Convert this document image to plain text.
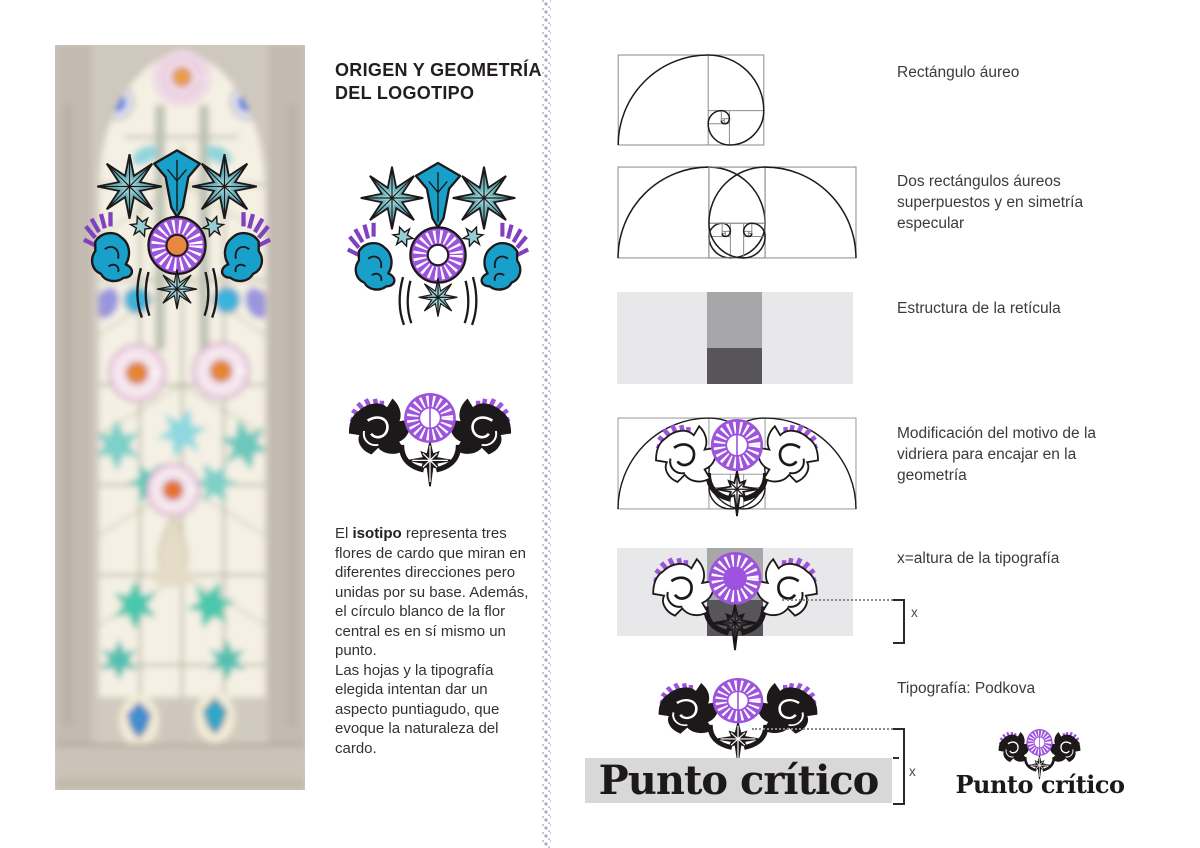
ORIGEN Y GEOMETRÍA DEL LOGOTIPO
El isotipo representa tres flores de cardo que miran en diferentes direcciones pero unidas por su base. Además, el círculo blanco de la flor central es en sí mismo un punto.
Las hojas y la tipografía elegida intentan dar un aspecto puntiagudo, que evoque la naturaleza del cardo.
Rectángulo áureo
Dos rectángulos áureos superpuestos y en simetría especular
Estructura de la retícula
Modificación del motivo de la vidriera para encajar en la geometría
x
x=altura de la tipografía
Tipografía: Podkova
Punto crítico	x Punto crítico
